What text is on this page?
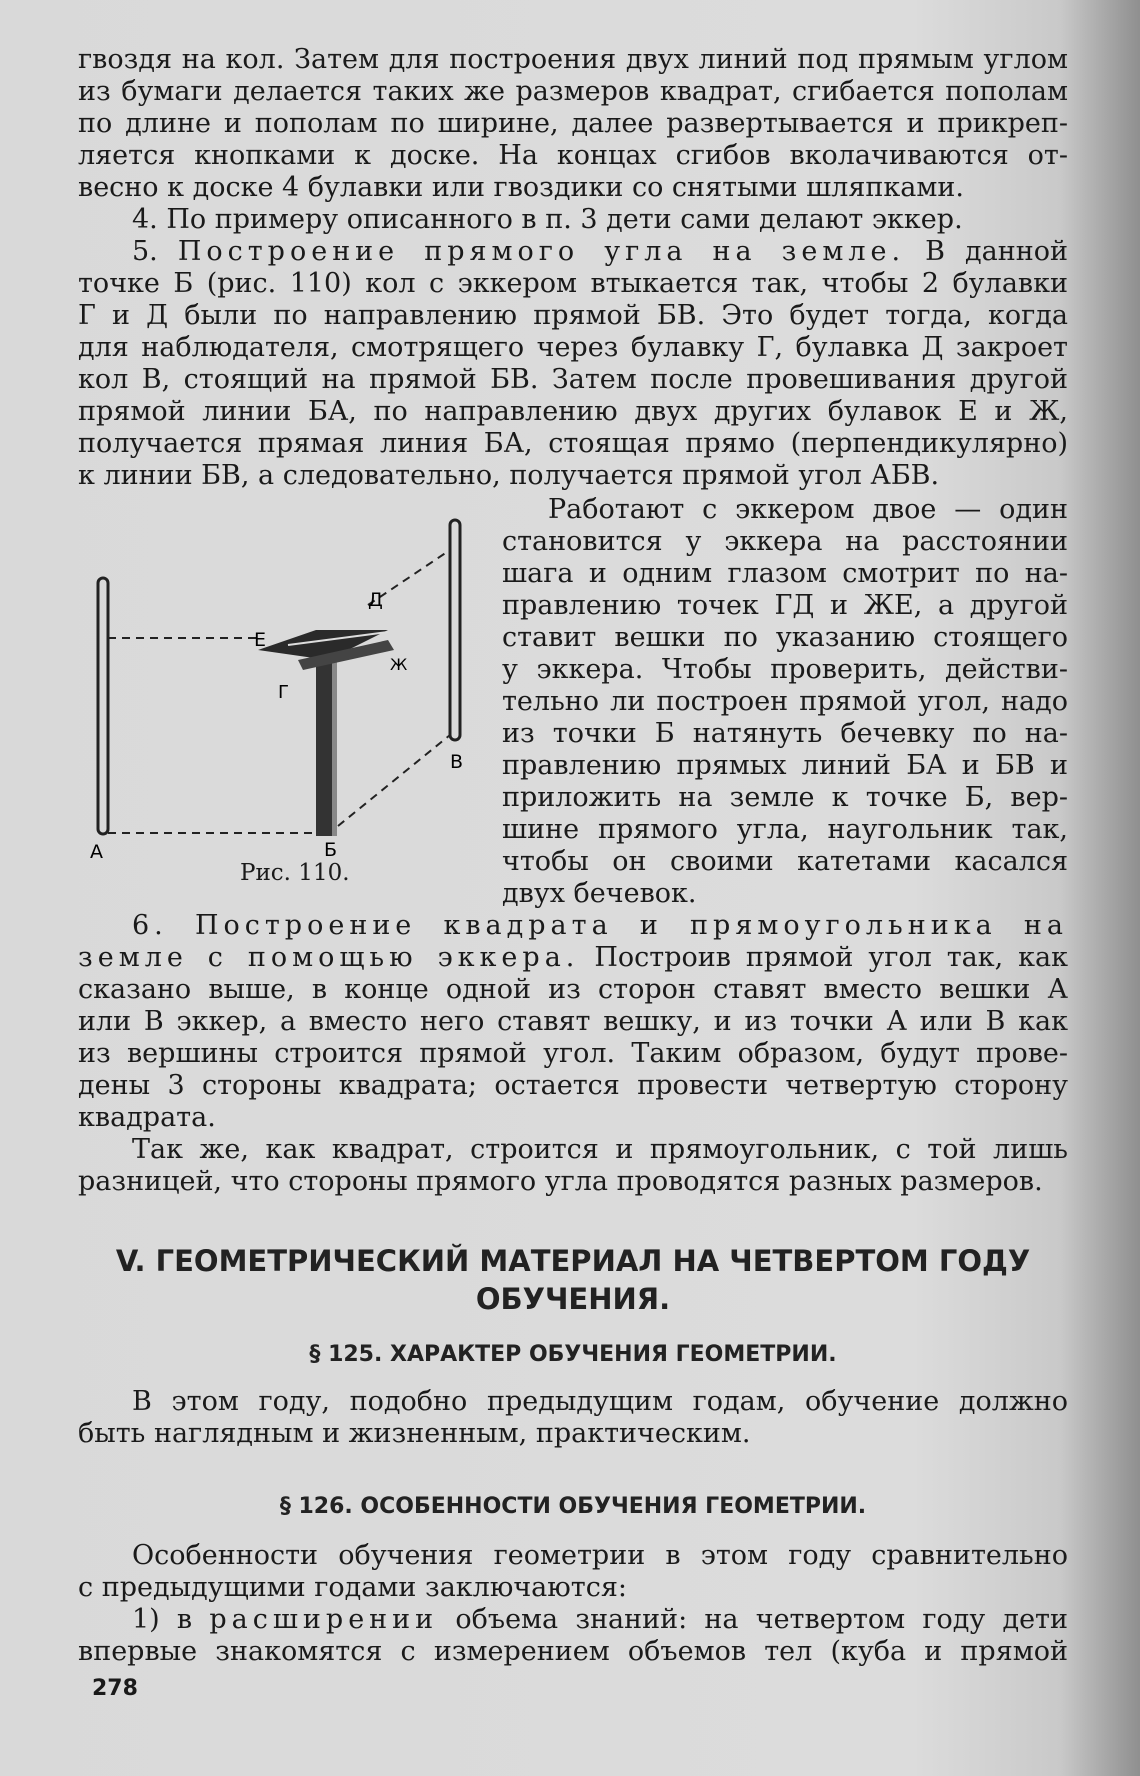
гвоздя на кол. Затем для построения двух линий под прямым углом

из бумаги делается таких же размеров квадрат, сгибается пополам

по длине и пополам по ширине, далее развертывается и прикреп-

ляется кнопками к доске. На концах сгибов вколачиваются от-

весно к доске 4 булавки или гвоздики со снятыми шляпками.

4. По примеру описанного в п. 3 дети сами делают эккер.

5. Построение прямого угла на земле. В данной

точке Б (рис. 110) кол с эккером втыкается так, чтобы 2 булавки

Г и Д были по направлению прямой БВ. Это будет тогда, когда

для наблюдателя, смотрящего через булавку Г, булавка Д закроет

кол В, стоящий на прямой БВ. Затем после провешивания другой

прямой линии БА, по направлению двух других булавок Е и Ж,

получается прямая линия БА, стоящая прямо (перпендикулярно)

к линии БВ, а следовательно, получается прямой угол АБВ.

А	Б
В
Г
Д
Е
Ж
Рис. 110.

Работают с эккером двое — один

становится у эккера на расстоянии

шага и одним глазом смотрит по на-

правлению точек ГД и ЖЕ, а другой

ставит вешки по указанию стоящего

у эккера. Чтобы проверить, действи-

тельно ли построен прямой угол, надо

из точки Б натянуть бечевку по на-

правлению прямых линий БА и БВ и

приложить на земле к точке Б, вер-

шине прямого угла, наугольник так,

чтобы он своими катетами касался

двух бечевок.

6. Построение квадрата и прямоугольника на

земле с помощью эккера. Построив прямой угол так, как

сказано выше, в конце одной из сторон ставят вместо вешки А

или В эккер, а вместо него ставят вешку, и из точки А или В как

из вершины строится прямой угол. Таким образом, будут прове-

дены 3 стороны квадрата; остается провести четвертую сторону

квадрата.

Так же, как квадрат, строится и прямоугольник, с той лишь

разницей, что стороны прямого угла проводятся разных размеров.

V. ГЕОМЕТРИЧЕСКИЙ МАТЕРИАЛ НА ЧЕТВЕРТОМ ГОДУ
ОБУЧЕНИЯ.
§ 125. ХАРАКТЕР ОБУЧЕНИЯ ГЕОМЕТРИИ.

В этом году, подобно предыдущим годам, обучение должно

быть наглядным и жизненным, практическим.

§ 126. ОСОБЕННОСТИ ОБУЧЕНИЯ ГЕОМЕТРИИ.

Особенности обучения геометрии в этом году сравнительно

с предыдущими годами заключаются:

1) в расширении объема знаний: на четвертом году дети

впервые знакомятся с измерением объемов тел (куба и прямой

278
